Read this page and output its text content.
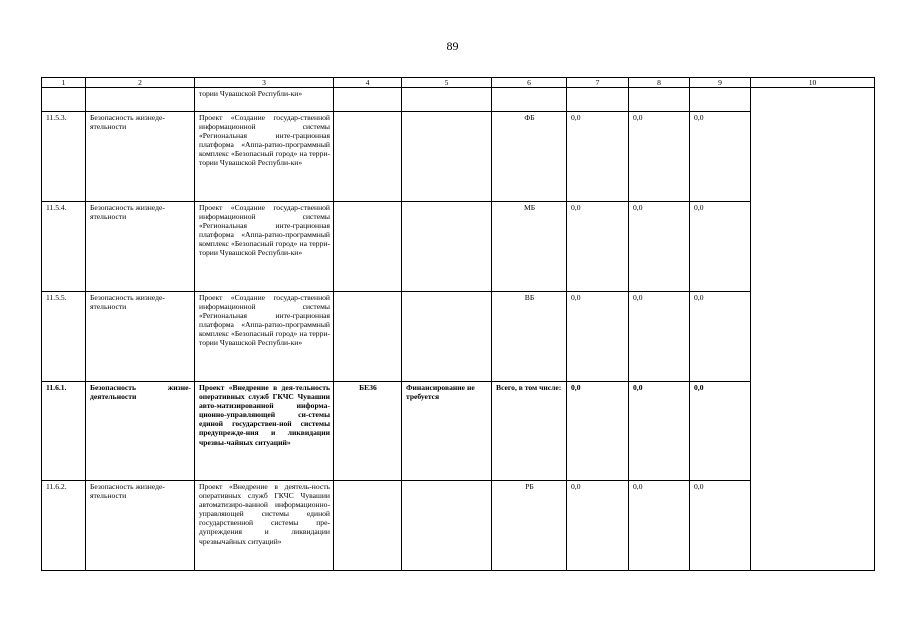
89
1	2	3	4	5	6	7	8	9	10
		тории Чувашской Республи-ки»							
11.5.3.	Безопасность жизнеде-ятельности	Проект «Создание государ-ственной информационной системы «Региональная инте-грационная платформа «Аппа-ратно-программный комплекс «Безопасный город» на терри-тории Чувашской Республи-ки»			ФБ	0,0	0,0	0,0	
11.5.4.	Безопасность жизнеде-ятельности	Проект «Создание государ-ственной информационной системы «Региональная инте-грационная платформа «Аппа-ратно-программный комплекс «Безопасный город» на терри-тории Чувашской Республи-ки»			МБ	0,0	0,0	0,0	
11.5.5.	Безопасность жизнеде-ятельности	Проект «Создание государ-ственной информационной системы «Региональная инте-грационная платформа «Аппа-ратно-программный комплекс «Безопасный город» на терри-тории Чувашской Республи-ки»			ВБ	0,0	0,0	0,0	
11.6.1.	Безопасность жизне-деятельности	Проект «Внедрение в дея-тельность оперативных служб ГКЧС Чувашии авто-матизированной информа-ционно-управляющей си-стемы единой государствен-ной системы предупрежде-ния и ликвидации чрезвы-чайных ситуаций»	БЕ36	Финансирование не требуется	Всего, в том числе:	0,0	0,0	0,0	
11.6.2.	Безопасность жизнеде-ятельности	Проект «Внедрение в деятель-ность оперативных служб ГКЧС Чувашии автоматизиро-ванной информационно-управляющей системы единой государственной системы пре-дупреждения и ликвидации чрезвычайных ситуаций»			РБ	0,0	0,0	0,0	
